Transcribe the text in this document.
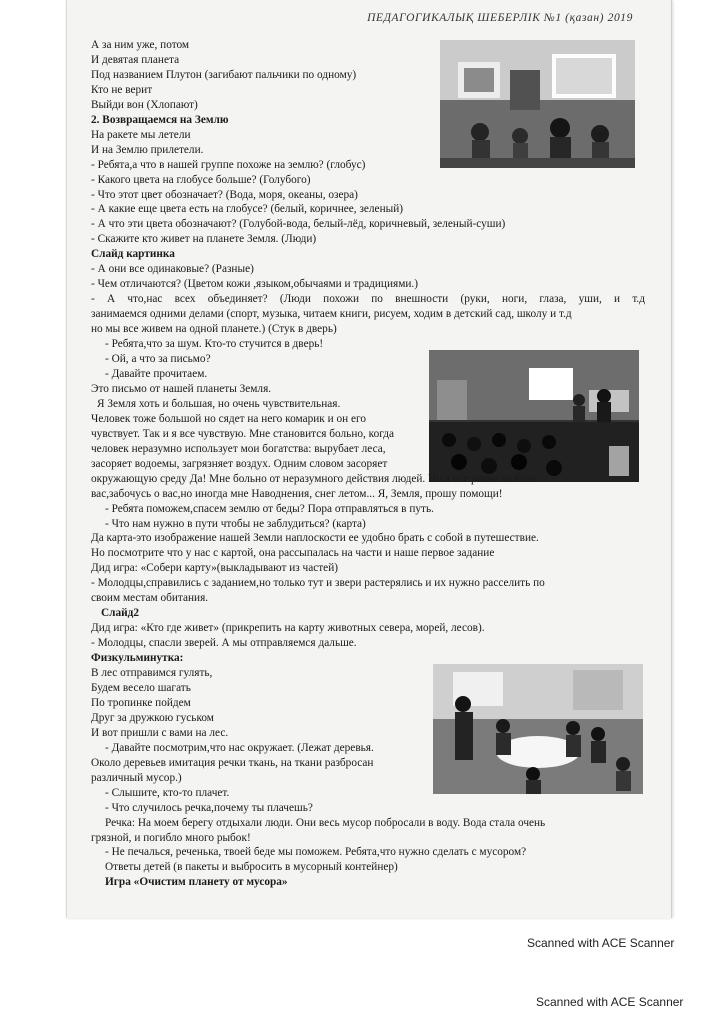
ПЕДАГОГИКАЛЫҚ ШЕБЕРЛІК №1 (қазан) 2019
А за ним уже, потом
И девятая планета
Под названием Плутон (загибают пальчики по одному)
Кто не верит
Выйди вон (Хлопают)
2. Возвращаемся на Землю
На ракете мы летели
И на Землю прилетели.
- Ребята,а что в нашей группе похоже на землю? (глобус)
- Какого цвета на глобусе больше? (Голубого)
- Что этот цвет обозначает? (Вода, моря, океаны, озера)
- А какие еще цвета есть на глобусе? (белый, коричнее, зеленый)
- А что эти цвета обозначают? (Голубой-вода, белый-лёд, коричневый, зеленый-суши)
- Скажите кто живет на планете Земля. (Люди)
Слайд картинка
- А они все одинаковые? (Разные)
- Чем отличаются? (Цветом кожи ,языком,обычаями и традициями.)
- А что,нас всех объединяет? (Люди похожи по внешности (руки, ноги, глаза, уши, и т.д
занимаемся одними делами (спорт, музыка, читаем книги, рисуем, ходим в детский сад, школу и т.д
но мы все живем на одной планете.) (Стук в дверь)
- Ребята,что за шум. Кто-то стучится в дверь!
- Ой, а что за письмо?
- Давайте прочитаем.
Это письмо от нашей планеты Земля.
Я Земля хоть и большая, но очень чувствительная.
Человек тоже большой но сядет на него комарик и он его
чувствует. Так и я все чувствую. Мне становится больно, когда
человек неразумно использует мои богатства: вырубает леса,
засоряет водоемы, загрязняет воздух. Одним словом засоряет
окружающую среду Да! Мне больно от неразумного действия людей. Но я все равно люблю
вас,забочусь о вас,но иногда мне Наводнения, снег летом... Я, Земля, прошу помощи!
- Ребята поможем,спасем землю от беды? Пора отправляться в путь.
- Что нам нужно в пути чтобы не заблудиться? (карта)
Да карта-это изображение нашей Земли наплоскости ее удобно брать с собой в путешествие.
Но посмотрите что у нас с картой, она рассыпалась на части и наше первое задание
Дид игра: «Собери карту»(выкладывают из частей)
- Молодцы,справились с заданием,но только тут и звери растерялись и их нужно расселить по
своим местам обитания.
Слайд2
Дид игра: «Кто где живет» (прикрепить на карту животных севера, морей, лесов).
- Молодцы, спасли зверей. А мы отправляемся дальше.
Физкульминутка:
В лес отправимся гулять,
Будем весело шагать
По тропинке пойдем
Друг за дружкою гуськом
И вот пришли с вами на лес.
- Давайте посмотрим,что нас окружает. (Лежат деревья.
Около деревьев имитация речки ткань, на ткани разбросан
различный мусор.)
- Слышите, кто-то плачет.
- Что случилось речка,почему ты плачешь?
Речка: На моем берегу отдыхали люди. Они весь мусор побросали в воду. Вода стала очень
грязной, и погибло много рыбок!
- Не печалься, реченька, твоей беде мы поможем. Ребята,что нужно сделать с мусором?
Ответы детей (в пакеты и выбросить в мусорный контейнер)
Игра «Очистим планету от мусора»
Scanned with ACE Scanner
Scanned with ACE Scanner
